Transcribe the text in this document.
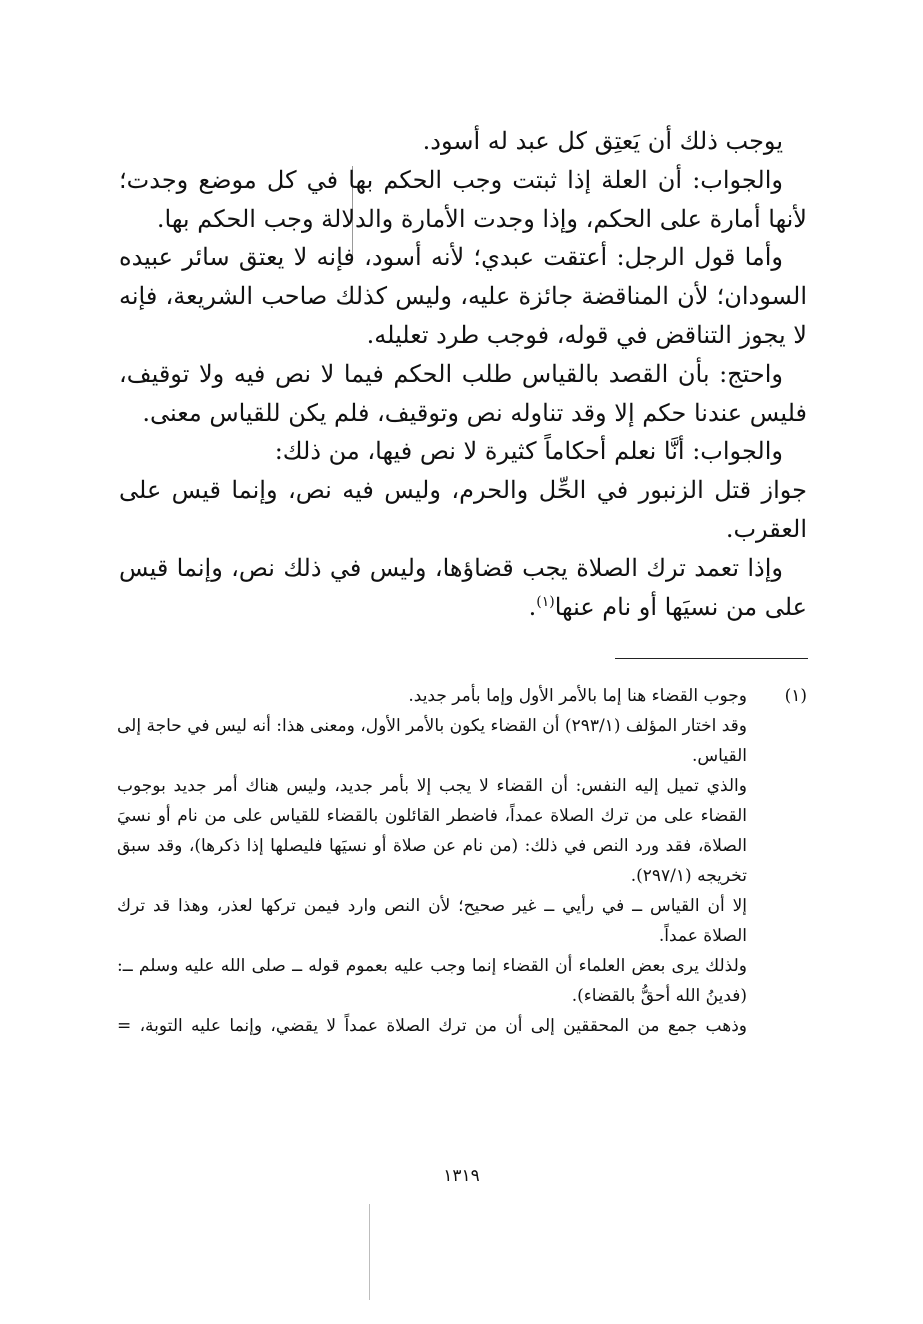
يوجب ذلك أن يَعتِق كل عبد له أسود.

والجواب: أن العلة إذا ثبتت وجب الحكم بها في كل موضع وجدت؛ لأنها أمارة على الحكم، وإذا وجدت الأمارة والدلالة وجب الحكم بها.

وأما قول الرجل: أعتقت عبدي؛ لأنه أسود، فإنه لا يعتق سائر عبيده السودان؛ لأن المناقضة جائزة عليه، وليس كذلك صاحب الشريعة، فإنه لا يجوز التناقض في قوله، فوجب طرد تعليله.

واحتج: بأن القصد بالقياس طلب الحكم فيما لا نص فيه ولا توقيف، فليس عندنا حكم إلا وقد تناوله نص وتوقيف، فلم يكن للقياس معنى.

والجواب: أنَّا نعلم أحكاماً كثيرة لا نص فيها، من ذلك:

جواز قتل الزنبور في الحِّل والحرم، وليس فيه نص، وإنما قيس على العقرب.

وإذا تعمد ترك الصلاة يجب قضاؤها، وليس في ذلك نص، وإنما قيس على من نسيَها أو نام عنها$^{(١)}$.

(١)

وجوب القضاء هنا إما بالأمر الأول وإما بأمر جديد.

وقد اختار المؤلف (٢٩٣/١) أن القضاء يكون بالأمر الأول، ومعنى هذا: أنه ليس في حاجة إلى القياس.

والذي تميل إليه النفس: أن القضاء لا يجب إلا بأمر جديد، وليس هناك أمر جديد بوجوب القضاء على من ترك الصلاة عمداً، فاضطر القائلون بالقضاء للقياس على من نام أو نسيَ الصلاة، فقد ورد النص في ذلك: (من نام عن صلاة أو نسيَها فليصلها إذا ذكرها)، وقد سبق تخريجه (٢٩٧/١).

إلا أن القياس ــ في رأيي ــ غير صحيح؛ لأن النص وارد فيمن تركها لعذر، وهذا قد ترك الصلاة عمداً.

ولذلك يرى بعض العلماء أن القضاء إنما وجب عليه بعموم قوله ــ صلى الله عليه وسلم ــ: (فدينُ الله أحقُّ بالقضاء).

وذهب جمع من المحققين إلى أن من ترك الصلاة عمداً لا يقضي، وإنما عليه التوبة، =

١٣١٩
